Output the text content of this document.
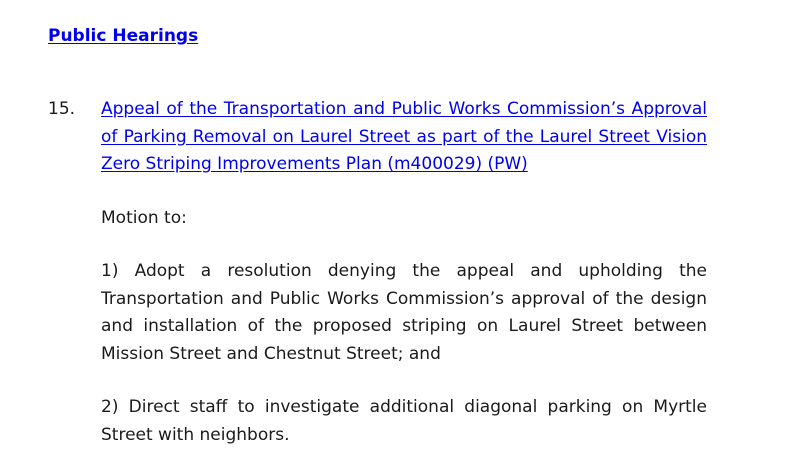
Public Hearings
15. Appeal of the Transportation and Public Works Commission’s Approval of Parking Removal on Laurel Street as part of the Laurel Street Vision Zero Striping Improvements Plan (m400029) (PW)
Motion to:
1) Adopt a resolution denying the appeal and upholding the Transportation and Public Works Commission’s approval of the design and installation of the proposed striping on Laurel Street between Mission Street and Chestnut Street; and
2) Direct staff to investigate additional diagonal parking on Myrtle Street with neighbors.
